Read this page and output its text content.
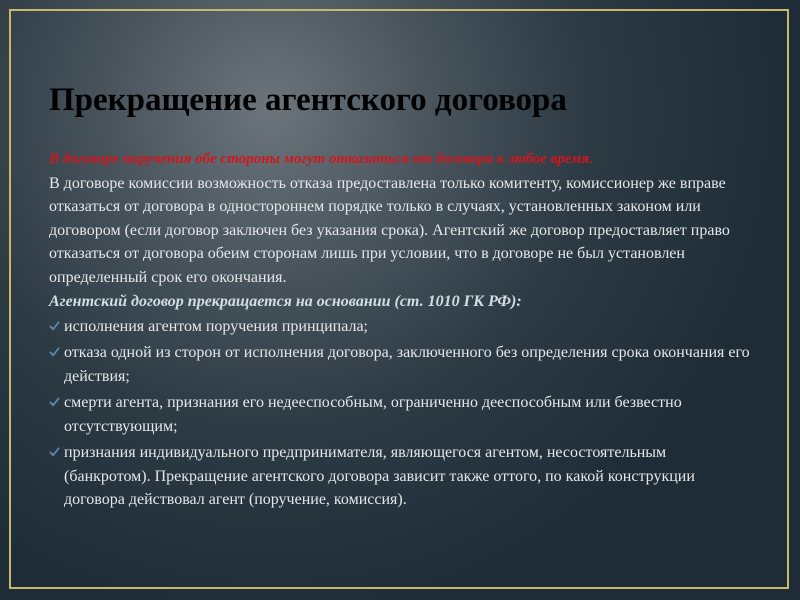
Прекращение агентского договора

В договоре поручения обе стороны могут отказаться от договора в любое время.

В договоре комиссии возможность отказа предоставлена только комитенту, комиссионер же вправе отказаться от договора в одностороннем порядке только в случаях, установленных законом или договором (если договор заключен без указания срока). Агентский же договор предоставляет право отказаться от договора обеим сторонам лишь при условии, что в договоре не был установлен определенный срок его окончания.

Агентский договор прекращается на основании (ст. 1010 ГК РФ):

исполнения агентом поручения принципала;
отказа одной из сторон от исполнения договора, заключенного без определения срока окончания его действия;
смерти агента, признания его недееспособным, ограниченно дееспособным или безвестно отсутствующим;
признания индивидуального предпринимателя, являющегося агентом, несостоятельным (банкротом). Прекращение агентского договора зависит также оттого, по какой конструкции договора действовал агент (поручение, комиссия).
